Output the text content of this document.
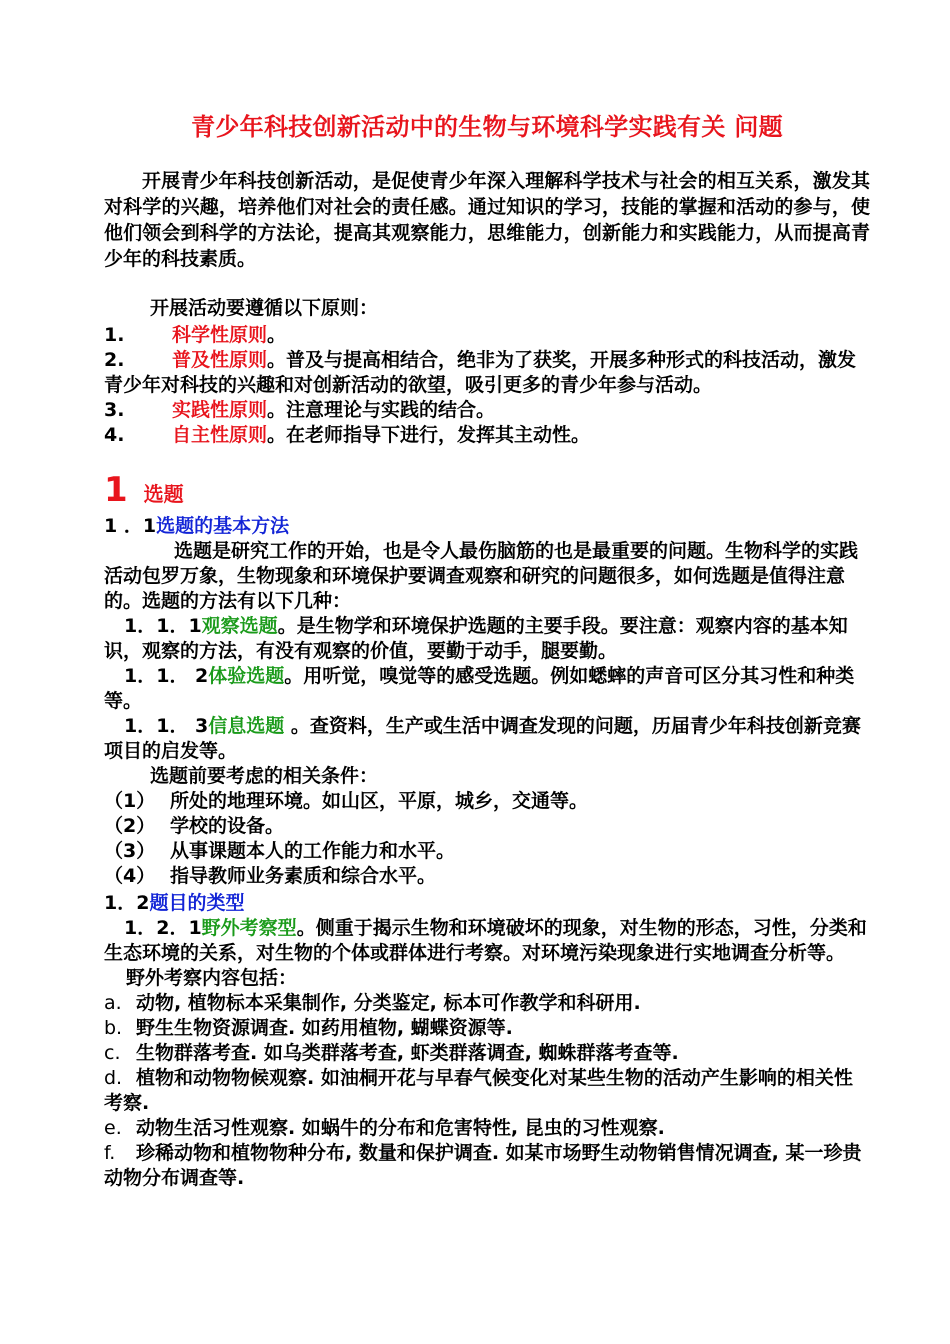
青少年科技创新活动中的生物与环境科学实践有关 问题

开展青少年科技创新活动，是促使青少年深入理解科学技术与社会的相互关系，激发其对科学的兴趣，培养他们对社会的责任感。通过知识的学习，技能的掌握和活动的参与，使他们领会到科学的方法论，提高其观察能力，思维能力，创新能力和实践能力，从而提高青少年的科技素质。

开展活动要遵循以下原则：
1.	科学性原则。
2.	普及性原则。普及与提高相结合，绝非为了获奖，开展多种形式的科技活动，激发青少年对科技的兴趣和对创新活动的欲望，吸引更多的青少年参与活动。
3.	实践性原则。注意理论与实践的结合。
4.	自主性原则。在老师指导下进行，发挥其主动性。
1 选题
1 ．1选题的基本方法

选题是研究工作的开始，也是令人最伤脑筋的也是最重要的问题。生物科学的实践活动包罗万象，生物现象和环境保护要调查观察和研究的问题很多，如何选题是值得注意的。选题的方法有以下几种：

1．1．1观察选题。是生物学和环境保护选题的主要手段。要注意：观察内容的基本知识，观察的方法，有没有观察的价值，要勤于动手，腿要勤。

1．1． 2体验选题。用听觉，嗅觉等的感受选题。例如蟋蟀的声音可区分其习性和种类等。

1．1． 3信息选题 。查资料，生产或生活中调查发现的问题，历届青少年科技创新竞赛项目的启发等。

选题前要考虑的相关条件：

（1） 所处的地理环境。如山区，平原，城乡，交通等。
（2） 学校的设备。
（3） 从事课题本人的工作能力和水平。
（4） 指导教师业务素质和综合水平。
1．2题目的类型

1．2．1野外考察型。侧重于揭示生物和环境破坏的现象，对生物的形态，习性，分类和生态环境的关系，对生物的个体或群体进行考察。对环境污染现象进行实地调查分析等。

野外考察内容包括：

a. 动物, 植物标本采集制作, 分类鉴定, 标本可作教学和科研用.
b. 野生生物资源调查. 如药用植物, 蝴蝶资源等.
c. 生物群落考查. 如乌类群落考查, 虾类群落调查, 蜘蛛群落考查等.
d. 植物和动物物候观察. 如油桐开花与早春气候变化对某些生物的活动产生影响的相关性考察.
e. 动物生活习性观察. 如蜗牛的分布和危害特性, 昆虫的习性观察.
f. 珍稀动物和植物物种分布, 数量和保护调查. 如某市场野生动物销售情况调查, 某一珍贵动物分布调查等.
